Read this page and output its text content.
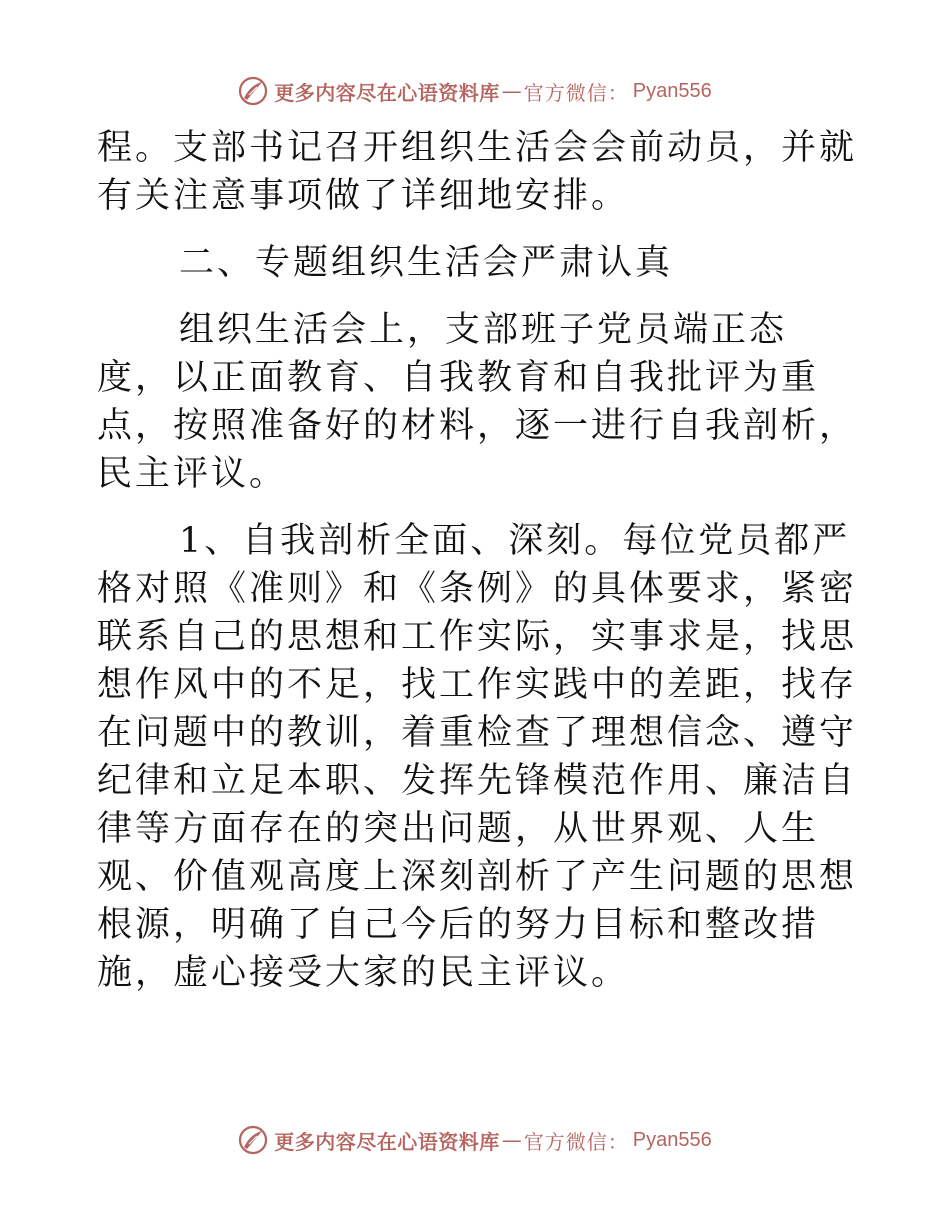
更多内容尽在心语资料库 — 官方微信： Pyan556

程。支部书记召开组织生活会会前动员，并就有关注意事项做了详细地安排。

二、专题组织生活会严肃认真

组织生活会上，支部班子党员端正态度，以正面教育、自我教育和自我批评为重点，按照准备好的材料，逐一进行自我剖析，民主评议。

1、自我剖析全面、深刻。每位党员都严格对照《准则》和《条例》的具体要求，紧密联系自己的思想和工作实际，实事求是，找思想作风中的不足，找工作实践中的差距，找存在问题中的教训，着重检查了理想信念、遵守纪律和立足本职、发挥先锋模范作用、廉洁自律等方面存在的突出问题，从世界观、人生观、价值观高度上深刻剖析了产生问题的思想根源，明确了自己今后的努力目标和整改措施，虚心接受大家的民主评议。

更多内容尽在心语资料库 — 官方微信： Pyan556
